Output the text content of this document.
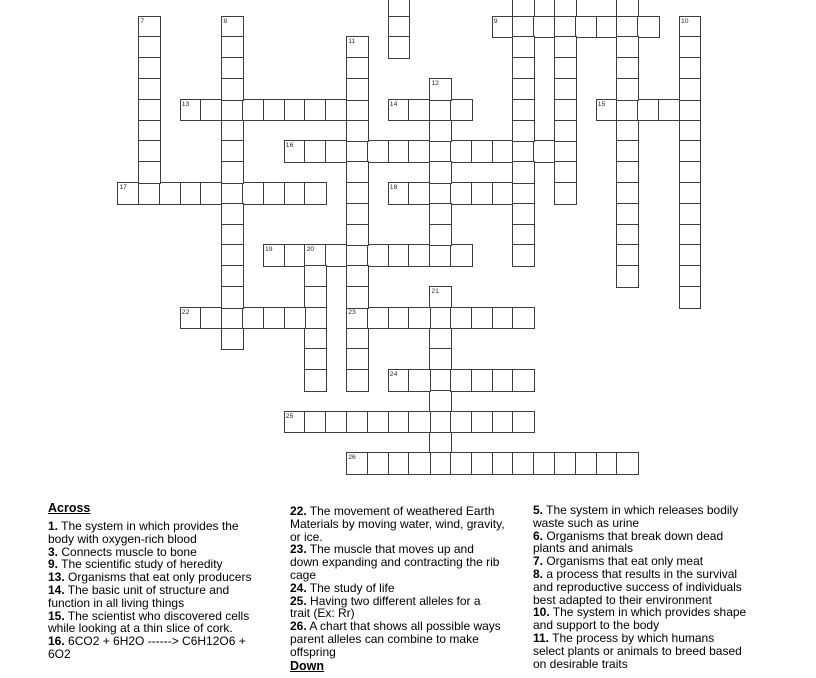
9
13	14	15
16
17	18
19	20
21
22	23
24
25
26
7	8	10
11
12
Across
1. The system in which provides the
body with oxygen-rich blood
3. Connects muscle to bone
9. The scientific study of heredity
13. Organisms that eat only producers
14. The basic unit of structure and
function in all living things
15. The scientist who discovered cells
while looking at a thin slice of cork.
16. 6CO2 + 6H2O ------> C6H12O6 +
6O2
22. The movement of weathered Earth
Materials by moving water, wind, gravity,
or ice.
23. The muscle that moves up and
down expanding and contracting the rib
cage
24. The study of life
25. Having two different alleles for a
trait (Ex: Rr)
26. A chart that shows all possible ways
parent alleles can combine to make
offspring
Down
5. The system in which releases bodily
waste such as urine
6. Organisms that break down dead
plants and animals
7. Organisms that eat only meat
8. a process that results in the survival
and reproductive success of individuals
best adapted to their environment
10. The system in which provides shape
and support to the body
11. The process by which humans
select plants or animals to breed based
on desirable traits
